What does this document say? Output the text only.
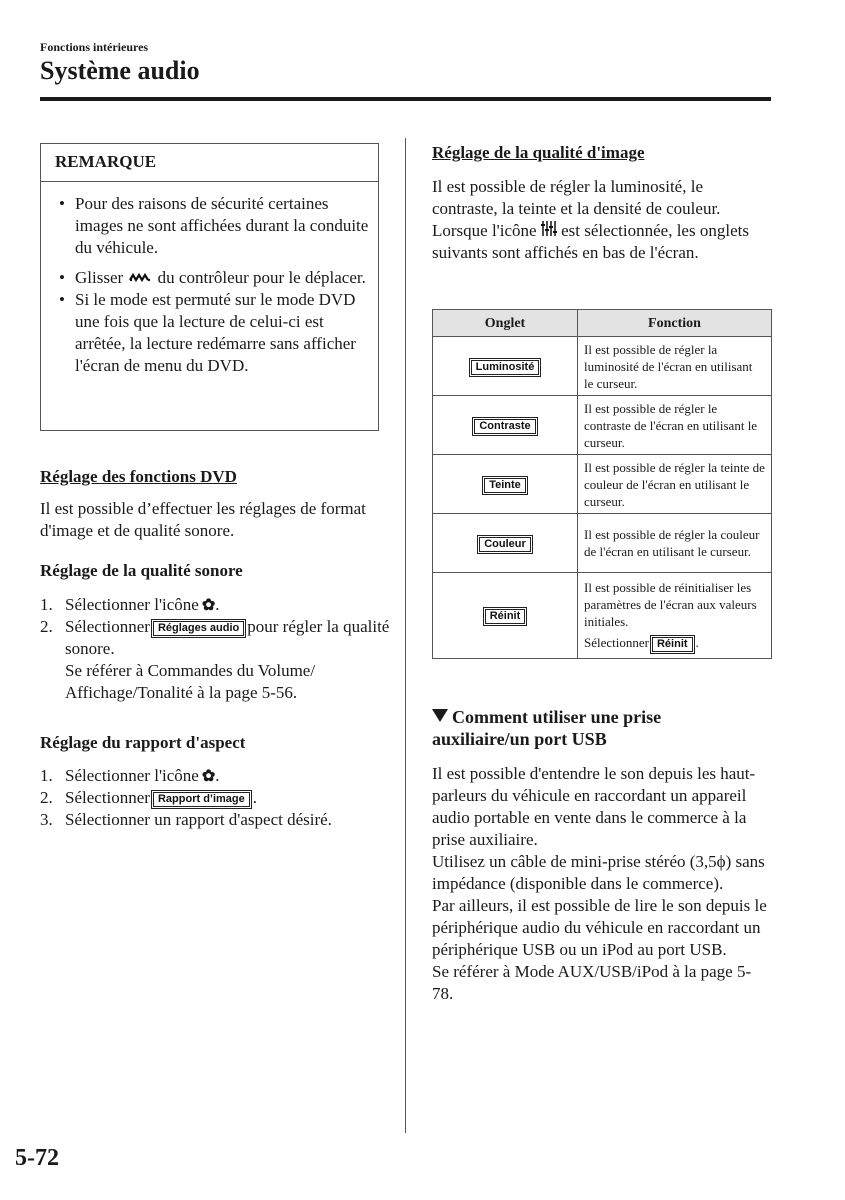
Fonctions intérieures
Système audio
REMARQUE
• Pour des raisons de sécurité certaines images ne sont affichées durant la conduite du véhicule.
• Glisser du contrôleur pour le déplacer.
• Si le mode est permuté sur le mode DVD une fois que la lecture de celui-ci est arrêtée, la lecture redémarre sans afficher l'écran de menu du DVD.
Réglage des fonctions DVD
Il est possible d’effectuer les réglages de format d'image et de qualité sonore.
Réglage de la qualité sonore
1. Sélectionner l'icône ✿.
2. Sélectionner Réglages audio pour régler la qualité sonore.
Se référer à Commandes du Volume/ Affichage/Tonalité à la page 5-56.
Réglage du rapport d'aspect
1. Sélectionner l'icône ✿.
2. Sélectionner Rapport d’image .
3. Sélectionner un rapport d'aspect désiré.
Réglage de la qualité d'image
Il est possible de régler la luminosité, le contraste, la teinte et la densité de couleur. Lorsque l'icône est sélectionnée, les onglets suivants sont affichés en bas de l'écran.
Onglet	Fonction
Luminosité	Il est possible de régler la luminosité de l'écran en utilisant le curseur.
Contraste	Il est possible de régler le contraste de l'écran en utilisant le curseur.
Teinte	Il est possible de régler la teinte de couleur de l'écran en utilisant le curseur.
Couleur	Il est possible de régler la couleur de l'écran en utilisant le curseur.
Réinit	Il est possible de réinitialiser les paramètres de l'écran aux valeurs initiales.
Sélectionner Réinit .
Comment utiliser une prise auxiliaire/un port USB
Il est possible d'entendre le son depuis les haut-parleurs du véhicule en raccordant un appareil audio portable en vente dans le commerce à la prise auxiliaire.
Utilisez un câble de mini-prise stéréo (3,5ϕ) sans impédance (disponible dans le commerce).
Par ailleurs, il est possible de lire le son depuis le périphérique audio du véhicule en raccordant un périphérique USB ou un iPod au port USB.
Se référer à Mode AUX/USB/iPod à la page 5-78.
5-72
